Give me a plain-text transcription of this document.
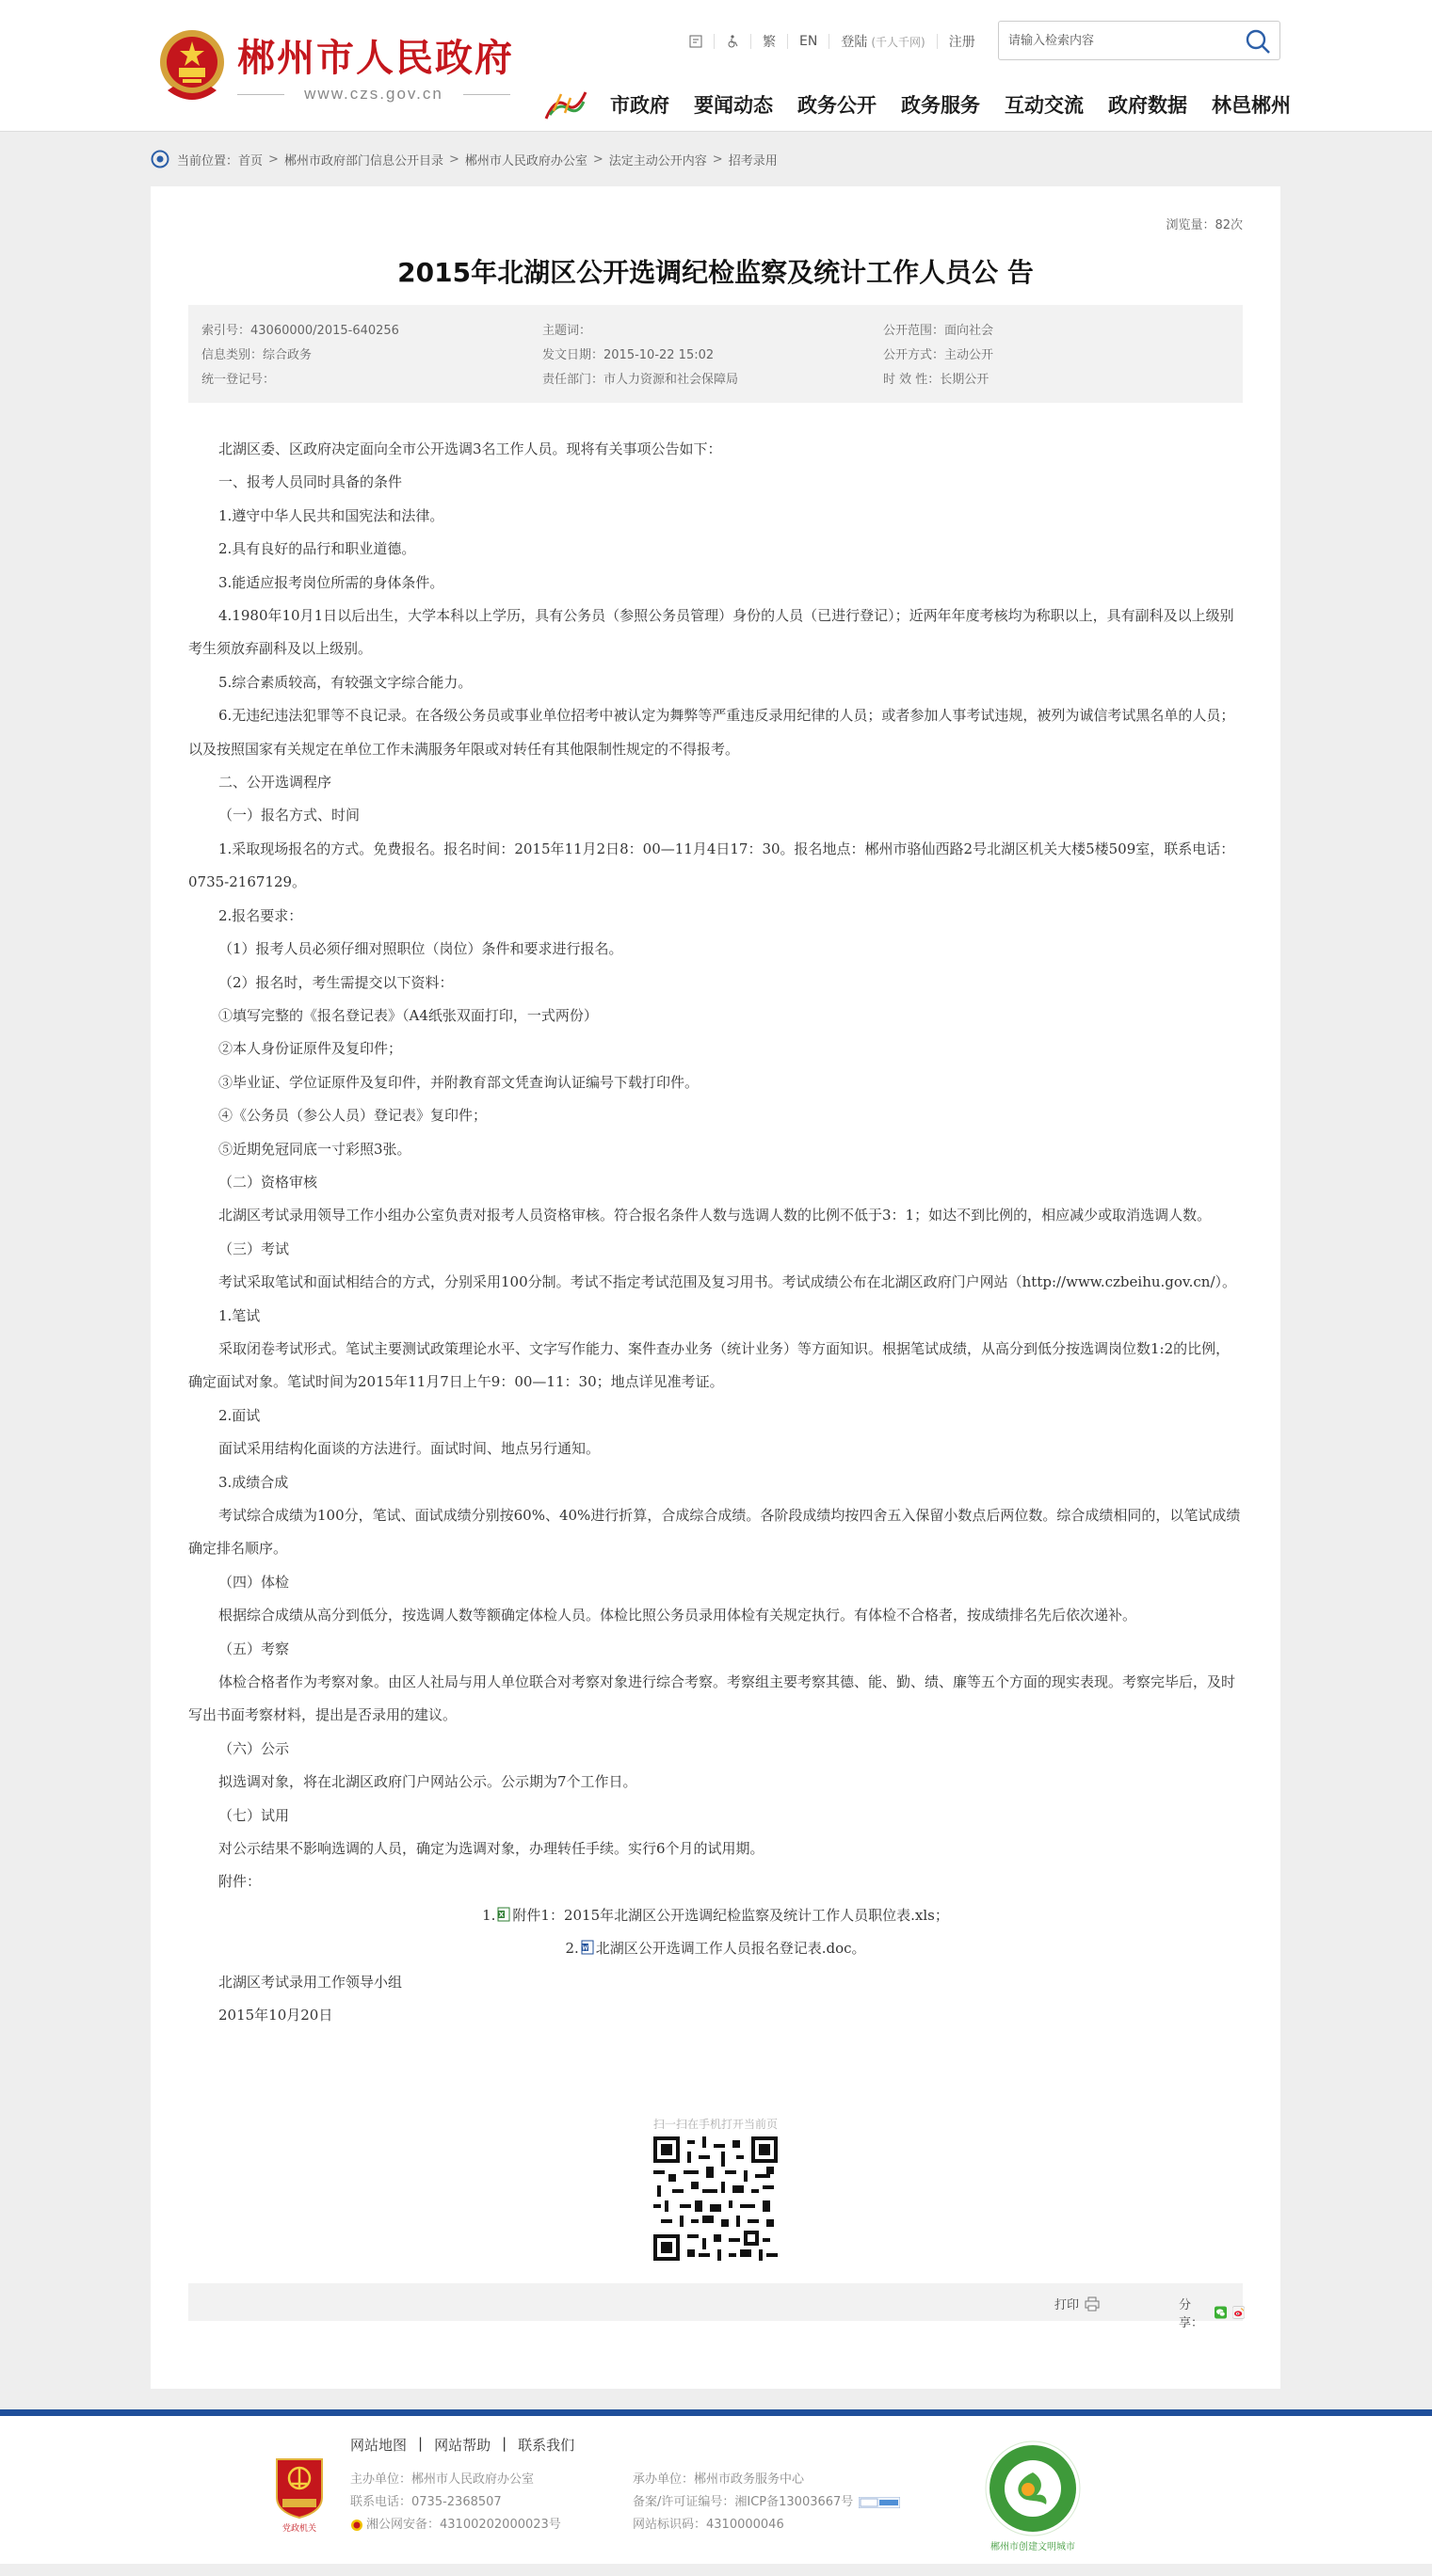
郴州市人民政府
www.czs.gov.cn
繁	EN	登陆 (千人千网)	注册
请输入检索内容
市政府 要闻动态 政务公开 政务服务 互动交流 政府数据 林邑郴州
当前位置： 首页 > 郴州市政府部门信息公开目录 > 郴州市人民政府办公室 > 法定主动公开内容 > 招考录用
浏览量：82次
2015年北湖区公开选调纪检监察及统计工作人员公 告
索引号：43060000/2015-640256	主题词：	公开范围：面向社会
信息类别：综合政务	发文日期：2015-10-22 15:02	公开方式：主动公开
统一登记号：	责任部门：市人力资源和社会保障局	时 效 性：长期公开

北湖区委、区政府决定面向全市公开选调3名工作人员。现将有关事项公告如下：

一、报考人员同时具备的条件

1.遵守中华人民共和国宪法和法律。

2.具有良好的品行和职业道德。

3.能适应报考岗位所需的身体条件。

4.1980年10月1日以后出生，大学本科以上学历，具有公务员（参照公务员管理）身份的人员（已进行登记）；近两年年度考核均为称职以上，具有副科及以上级别考生须放弃副科及以上级别。

5.综合素质较高，有较强文字综合能力。

6.无违纪违法犯罪等不良记录。在各级公务员或事业单位招考中被认定为舞弊等严重违反录用纪律的人员；或者参加人事考试违规，被列为诚信考试黑名单的人员；以及按照国家有关规定在单位工作未满服务年限或对转任有其他限制性规定的不得报考。

二、公开选调程序

（一）报名方式、时间

1.采取现场报名的方式。免费报名。报名时间：2015年11月2日8：00—11月4日17：30。报名地点：郴州市骆仙西路2号北湖区机关大楼5楼509室，联系电话：0735-2167129。

2.报名要求：

（1）报考人员必须仔细对照职位（岗位）条件和要求进行报名。

（2）报名时，考生需提交以下资料：

①填写完整的《报名登记表》（A4纸张双面打印，一式两份）

②本人身份证原件及复印件；

③毕业证、学位证原件及复印件，并附教育部文凭查询认证编号下载打印件。

④《公务员（参公人员）登记表》复印件；

⑤近期免冠同底一寸彩照3张。

（二）资格审核

北湖区考试录用领导工作小组办公室负责对报考人员资格审核。符合报名条件人数与选调人数的比例不低于3：1；如达不到比例的，相应减少或取消选调人数。

（三）考试

考试采取笔试和面试相结合的方式，分别采用100分制。考试不指定考试范围及复习用书。考试成绩公布在北湖区政府门户网站（http://www.czbeihu.gov.cn/）。

1.笔试

采取闭卷考试形式。笔试主要测试政策理论水平、文字写作能力、案件查办业务（统计业务）等方面知识。根据笔试成绩，从高分到低分按选调岗位数1:2的比例，确定面试对象。笔试时间为2015年11月7日上午9：00—11：30；地点详见准考证。

2.面试

面试采用结构化面谈的方法进行。面试时间、地点另行通知。

3.成绩合成

考试综合成绩为100分，笔试、面试成绩分别按60%、40%进行折算，合成综合成绩。各阶段成绩均按四舍五入保留小数点后两位数。综合成绩相同的，以笔试成绩确定排名顺序。

（四）体检

根据综合成绩从高分到低分，按选调人数等额确定体检人员。体检比照公务员录用体检有关规定执行。有体检不合格者，按成绩排名先后依次递补。

（五）考察

体检合格者作为考察对象。由区人社局与用人单位联合对考察对象进行综合考察。考察组主要考察其德、能、勤、绩、廉等五个方面的现实表现。考察完毕后，及时写出书面考察材料，提出是否录用的建议。

（六）公示

拟选调对象，将在北湖区政府门户网站公示。公示期为7个工作日。

（七）试用

对公示结果不影响选调的人员，确定为选调对象，办理转任手续。实行6个月的试用期。

附件：

1. 附件1：2015年北湖区公开选调纪检监察及统计工作人员职位表.xls；

2. 北湖区公开选调工作人员报名登记表.doc。

北湖区考试录用工作领导小组

2015年10月20日

扫一扫在手机打开当前页
打印	分享：
党政机关
网站地图 | 网站帮助 | 联系我们
主办单位：郴州市人民政府办公室	承办单位：郴州市政务服务中心
联系电话：0735-2368507	备案/许可证编号：湘ICP备13003667号
湘公网安备：43100202000023号	网站标识码：4310000046
郴州市创建文明城市
